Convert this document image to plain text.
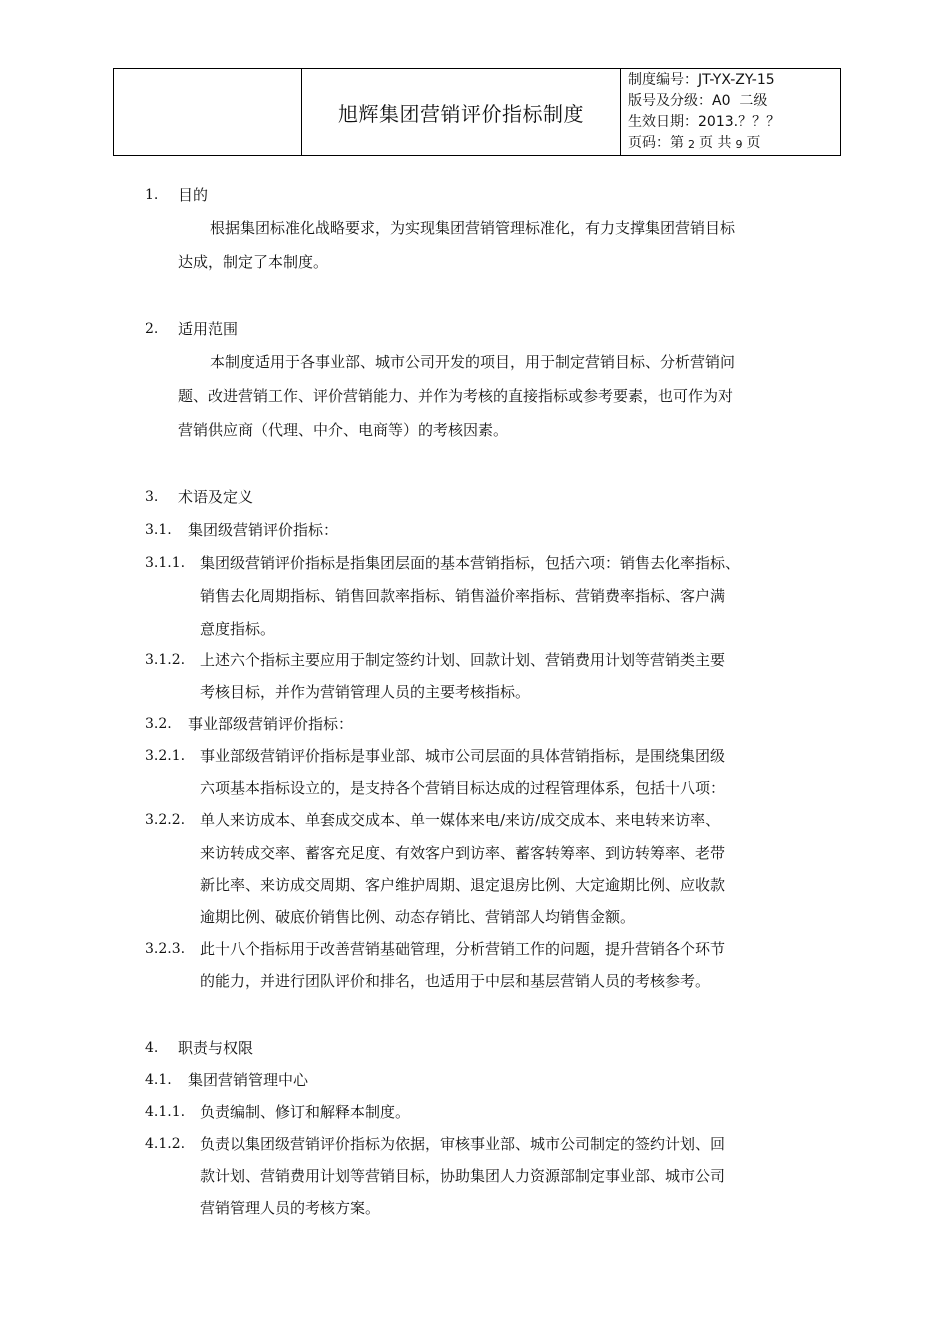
旭辉集团营销评价指标制度
制度编号：JT-YX-ZY-15
版号及分级：A0  二级
生效日期：2013.？？？
页码：第 2 页 共 9 页
1. 目的
根据集团标准化战略要求，为实现集团营销管理标准化，有力支撑集团营销目标
达成，制定了本制度。
2. 适用范围
本制度适用于各事业部、城市公司开发的项目，用于制定营销目标、分析营销问
题、改进营销工作、评价营销能力、并作为考核的直接指标或参考要素，也可作为对
营销供应商（代理、中介、电商等）的考核因素。
3. 术语及定义
3.1. 集团级营销评价指标：
3.1.1. 集团级营销评价指标是指集团层面的基本营销指标，包括六项：销售去化率指标、
销售去化周期指标、销售回款率指标、销售溢价率指标、营销费率指标、客户满
意度指标。
3.1.2. 上述六个指标主要应用于制定签约计划、回款计划、营销费用计划等营销类主要
考核目标，并作为营销管理人员的主要考核指标。
3.2. 事业部级营销评价指标：
3.2.1. 事业部级营销评价指标是事业部、城市公司层面的具体营销指标，是围绕集团级
六项基本指标设立的，是支持各个营销目标达成的过程管理体系，包括十八项：
3.2.2. 单人来访成本、单套成交成本、单一媒体来电/来访/成交成本、来电转来访率、
来访转成交率、蓄客充足度、有效客户到访率、蓄客转筹率、到访转筹率、老带
新比率、来访成交周期、客户维护周期、退定退房比例、大定逾期比例、应收款
逾期比例、破底价销售比例、动态存销比、营销部人均销售金额。
3.2.3. 此十八个指标用于改善营销基础管理，分析营销工作的问题，提升营销各个环节
的能力，并进行团队评价和排名，也适用于中层和基层营销人员的考核参考。
4. 职责与权限
4.1. 集团营销管理中心
4.1.1. 负责编制、修订和解释本制度。
4.1.2. 负责以集团级营销评价指标为依据，审核事业部、城市公司制定的签约计划、回
款计划、营销费用计划等营销目标，协助集团人力资源部制定事业部、城市公司
营销管理人员的考核方案。
